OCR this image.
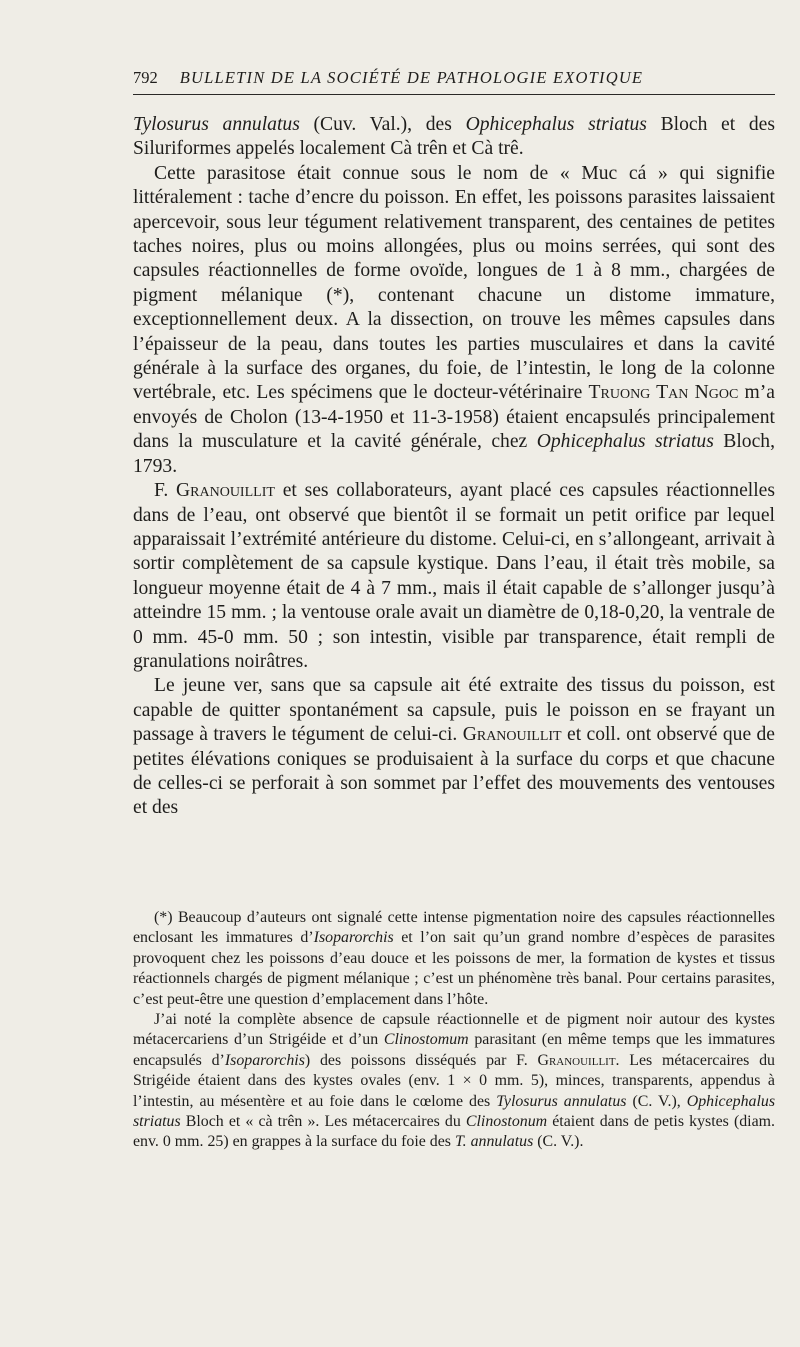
792 BULLETIN DE LA SOCIÉTÉ DE PATHOLOGIE EXOTIQUE

Tylosurus annulatus (Cuv. Val.), des Ophicephalus striatus Bloch et des Siluriformes appelés localement Cà trên et Cà trê.

Cette parasitose était connue sous le nom de « Muc cá » qui signifie littéralement : tache d’encre du poisson. En effet, les poissons parasites laissaient apercevoir, sous leur tégument relativement transparent, des centaines de petites taches noires, plus ou moins allongées, plus ou moins serrées, qui sont des capsules réactionnelles de forme ovoïde, longues de 1 à 8 mm., chargées de pigment mélanique (*), contenant chacune un distome immature, exceptionnellement deux. A la dissection, on trouve les mêmes capsules dans l’épaisseur de la peau, dans toutes les parties musculaires et dans la cavité générale à la surface des organes, du foie, de l’intestin, le long de la colonne vertébrale, etc. Les spécimens que le docteur-vétérinaire Truong Tan Ngoc m’a envoyés de Cholon (13-4-1950 et 11-3-1958) étaient encapsulés principalement dans la musculature et la cavité générale, chez Ophicephalus striatus Bloch, 1793.

F. Granouillit et ses collaborateurs, ayant placé ces capsules réactionnelles dans de l’eau, ont observé que bientôt il se formait un petit orifice par lequel apparaissait l’extrémité antérieure du distome. Celui-ci, en s’allongeant, arrivait à sortir complètement de sa capsule kystique. Dans l’eau, il était très mobile, sa longueur moyenne était de 4 à 7 mm., mais il était capable de s’allonger jusqu’à atteindre 15 mm. ; la ventouse orale avait un diamètre de 0,18-0,20, la ventrale de 0 mm. 45-0 mm. 50 ; son intestin, visible par transparence, était rempli de granulations noirâtres.

Le jeune ver, sans que sa capsule ait été extraite des tissus du poisson, est capable de quitter spontanément sa capsule, puis le poisson en se frayant un passage à travers le tégument de celui-ci. Granouillit et coll. ont observé que de petites élévations coniques se produisaient à la surface du corps et que chacune de celles-ci se perforait à son sommet par l’effet des mouvements des ventouses et des

(*) Beaucoup d’auteurs ont signalé cette intense pigmentation noire des capsules réactionnelles enclosant les immatures d’Isoparorchis et l’on sait qu’un grand nombre d’espèces de parasites provoquent chez les poissons d’eau douce et les poissons de mer, la formation de kystes et tissus réactionnels chargés de pigment mélanique ; c’est un phénomène très banal. Pour certains parasites, c’est peut-être une question d’emplacement dans l’hôte.

J’ai noté la complète absence de capsule réactionnelle et de pigment noir autour des kystes métacercariens d’un Strigéide et d’un Clinostomum parasitant (en même temps que les immatures encapsulés d’Isoparorchis) des poissons disséqués par F. Granouillit. Les métacercaires du Strigéide étaient dans des kystes ovales (env. 1 × 0 mm. 5), minces, transparents, appendus à l’intestin, au mésentère et au foie dans le cœlome des Tylosurus annulatus (C. V.), Ophicephalus striatus Bloch et « cà trên ». Les métacercaires du Clinostonum étaient dans de petis kystes (diam. env. 0 mm. 25) en grappes à la surface du foie des T. annulatus (C. V.).
